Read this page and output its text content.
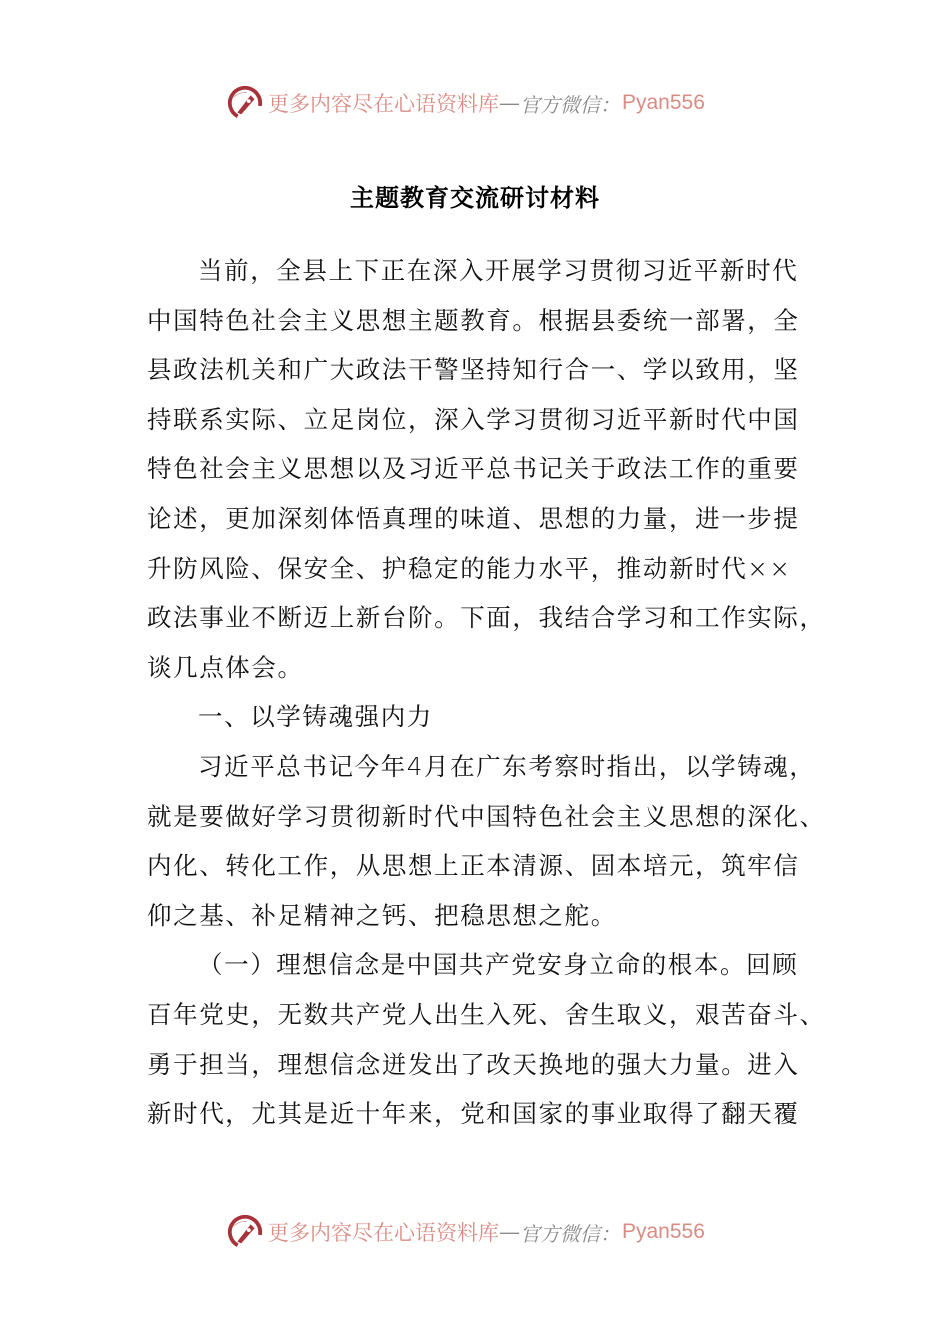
更多内容尽在心语资料库 — 官方微信： Pyan556
主题教育交流研讨材料
当前，全县上下正在深入开展学习贯彻习近平新时代
中国特色社会主义思想主题教育。根据县委统一部署，全
县政法机关和广大政法干警坚持知行合一、学以致用，坚
持联系实际、立足岗位，深入学习贯彻习近平新时代中国
特色社会主义思想以及习近平总书记关于政法工作的重要
论述，更加深刻体悟真理的味道、思想的力量，进一步提
升防风险、保安全、护稳定的能力水平，推动新时代××
政法事业不断迈上新台阶。下面，我结合学习和工作实际，
谈几点体会。
一、以学铸魂强内力
习近平总书记今年4月在广东考察时指出，以学铸魂，
就是要做好学习贯彻新时代中国特色社会主义思想的深化、
内化、转化工作，从思想上正本清源、固本培元，筑牢信
仰之基、补足精神之钙、把稳思想之舵。
（一）理想信念是中国共产党安身立命的根本。回顾
百年党史，无数共产党人出生入死、舍生取义，艰苦奋斗、
勇于担当，理想信念迸发出了改天换地的强大力量。进入
新时代，尤其是近十年来，党和国家的事业取得了翻天覆
更多内容尽在心语资料库 — 官方微信： Pyan556
